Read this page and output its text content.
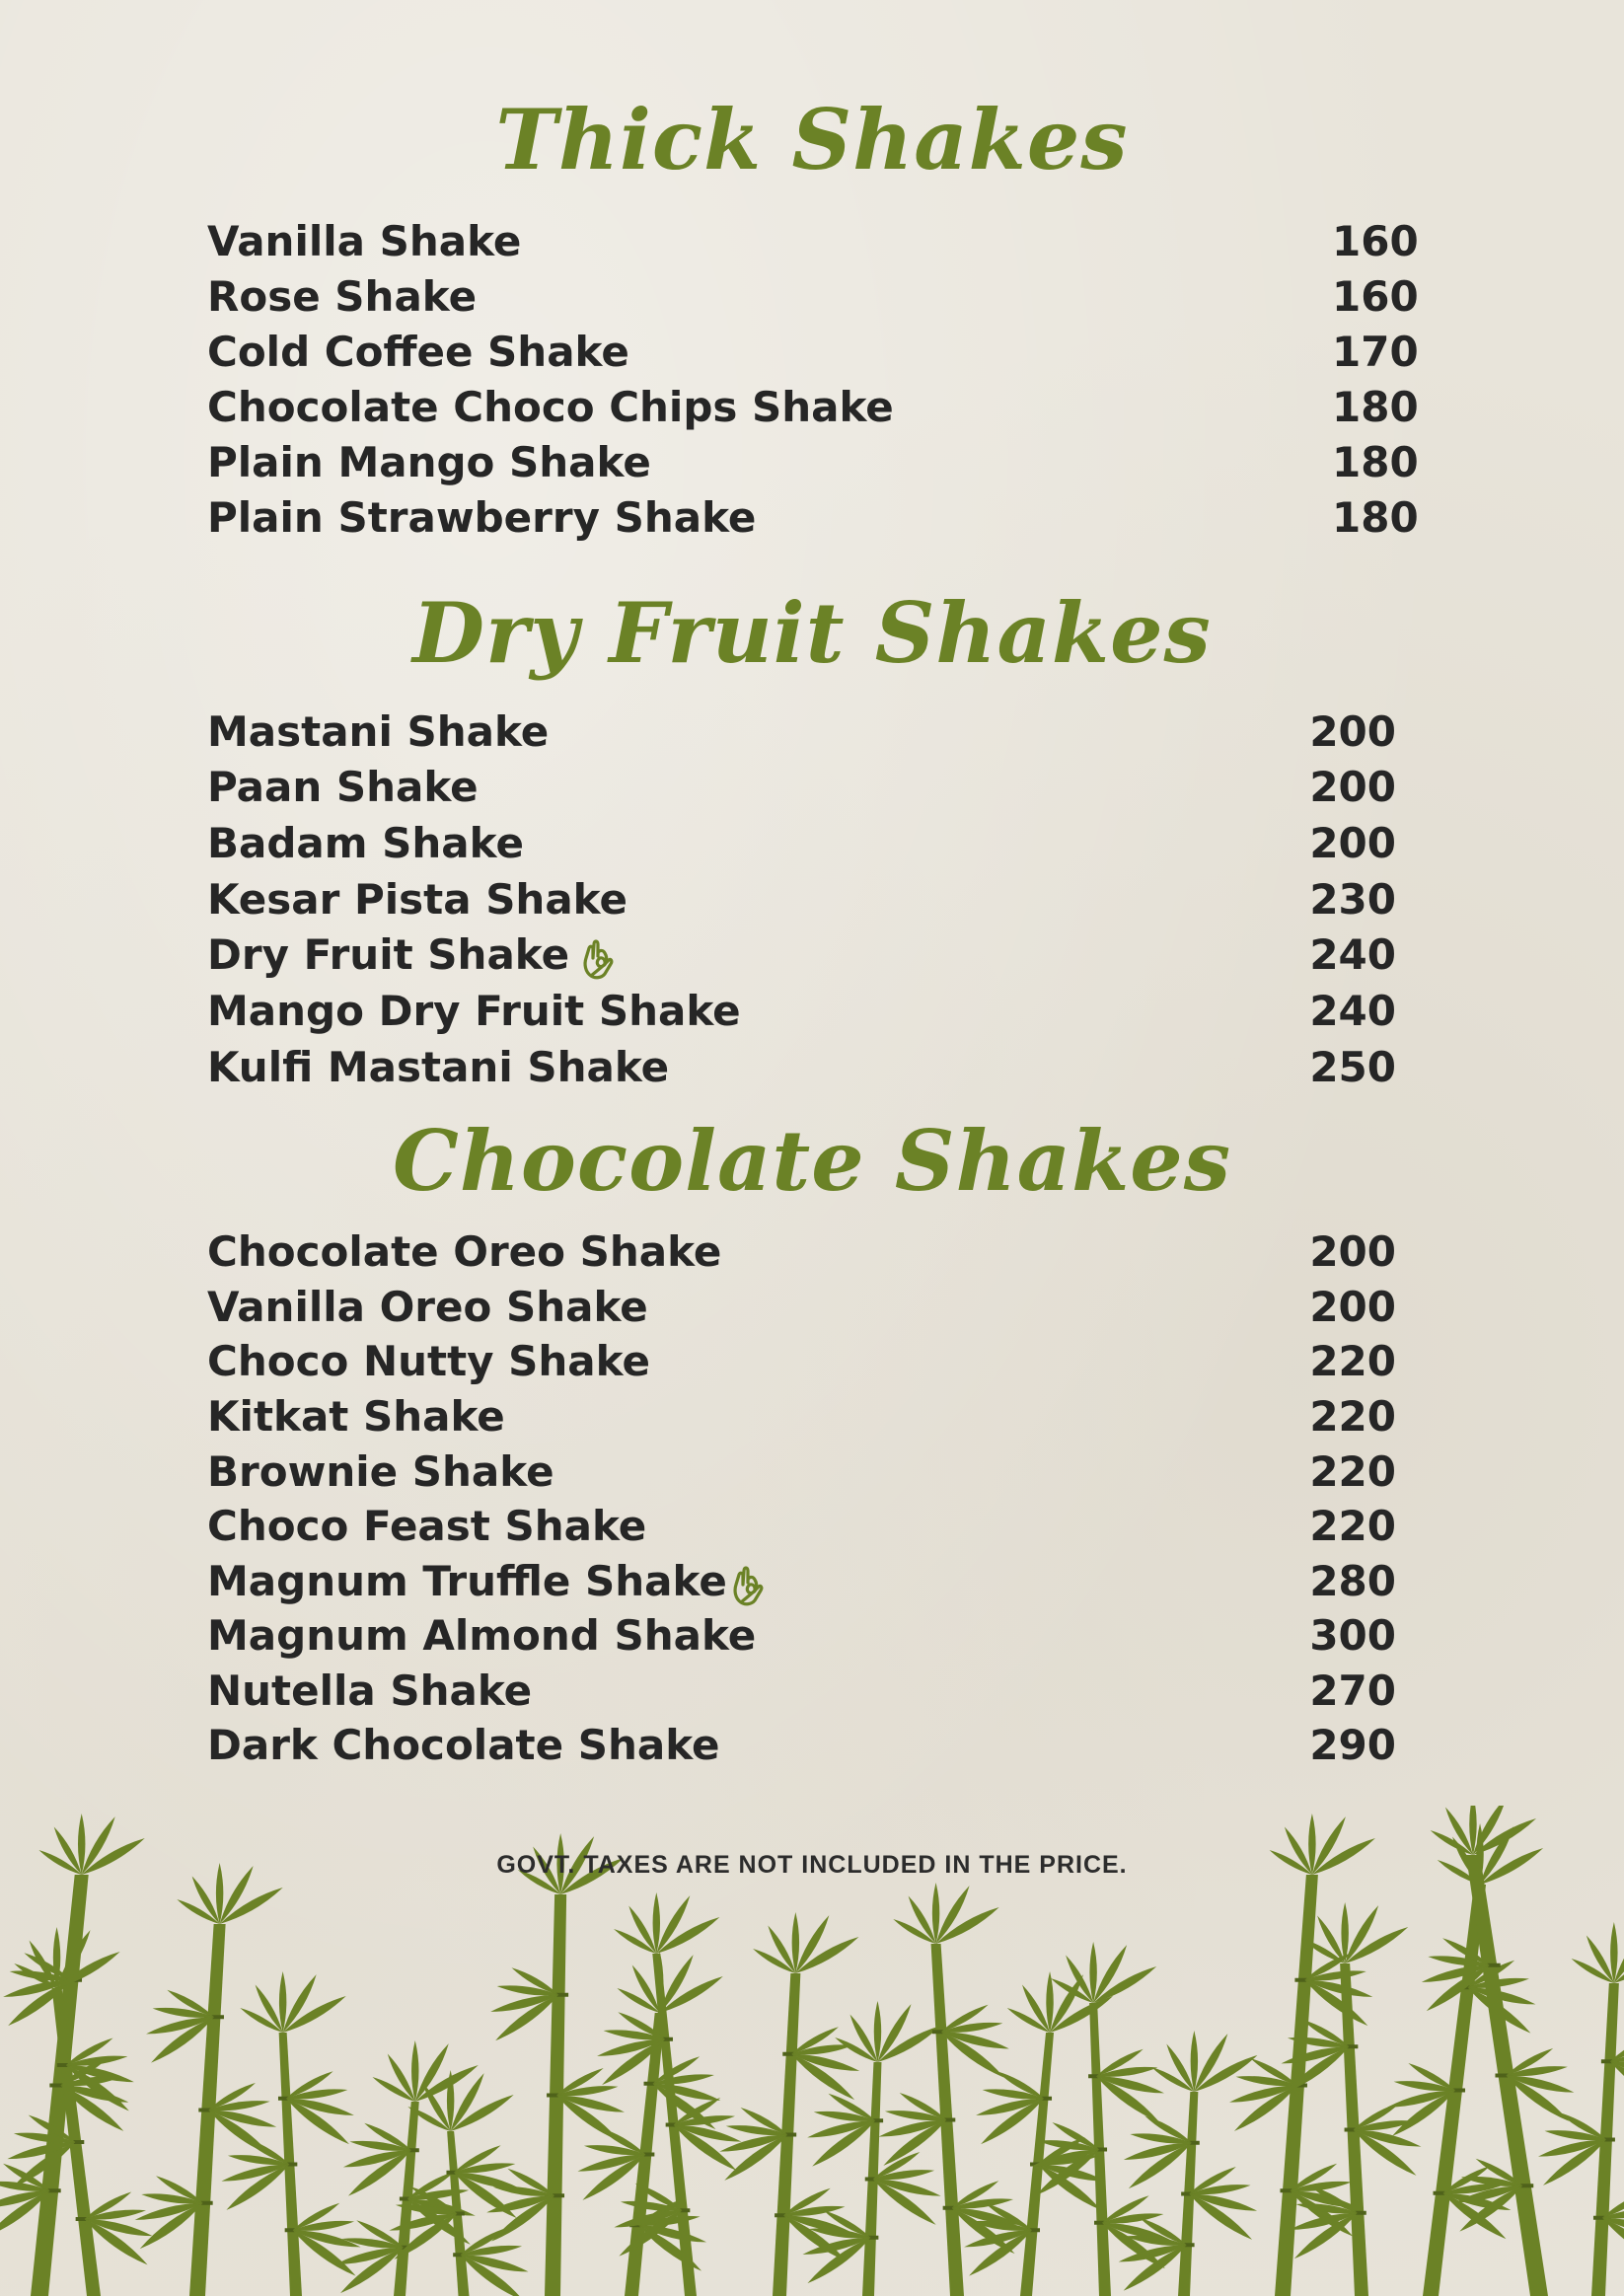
Thick Shakes
Vanilla Shake	160
Rose Shake	160
Cold Coffee Shake	170
Chocolate Choco Chips Shake	180
Plain Mango Shake	180
Plain Strawberry Shake	180
Dry Fruit Shakes
Mastani Shake	200
Paan Shake	200
Badam Shake	200
Kesar Pista Shake	230
Dry Fruit Shake	240
Mango Dry Fruit Shake	240
Kulfi Mastani Shake	250
Chocolate Shakes
Chocolate Oreo Shake	200
Vanilla Oreo Shake	200
Choco Nutty Shake	220
Kitkat Shake	220
Brownie Shake	220
Choco Feast Shake	220
Magnum Truffle Shake	280
Magnum Almond Shake	300
Nutella Shake	270
Dark Chocolate Shake	290
GOVT. TAXES ARE NOT INCLUDED IN THE PRICE.
